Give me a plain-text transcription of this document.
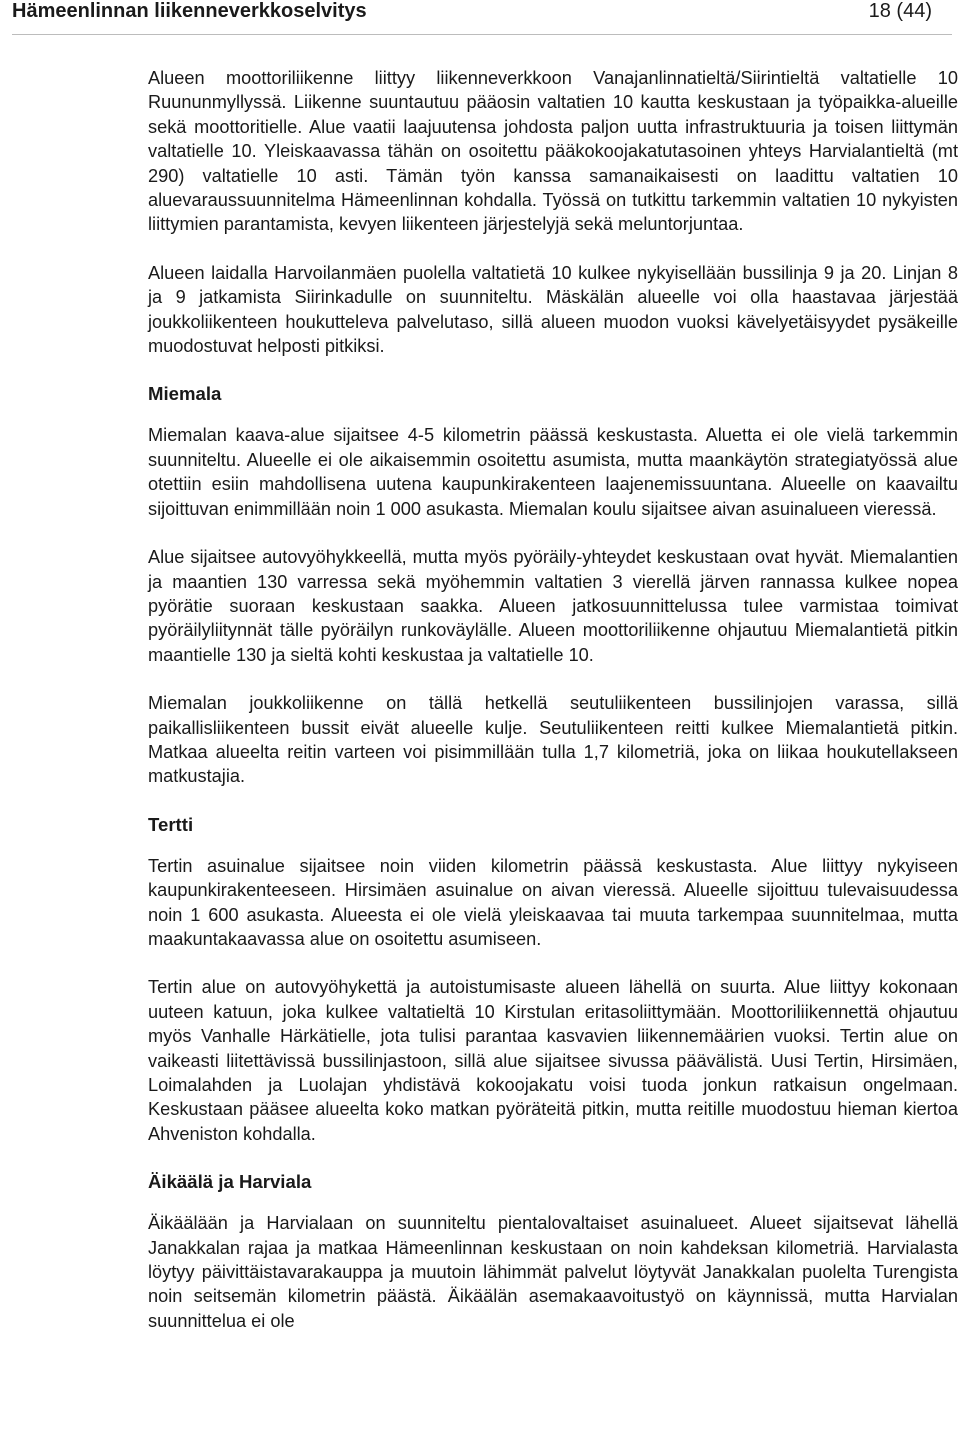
Hämeenlinnan liikenneverkkoselvitys	18 (44)

Alueen moottoriliikenne liittyy liikenneverkkoon Vanajanlinnatieltä/Siirintieltä valtatielle 10 Ruununmyllyssä. Liikenne suuntautuu pääosin valtatien 10 kautta keskustaan ja työpaikka-alueille sekä moottoritielle. Alue vaatii laajuutensa johdosta paljon uutta infrastruktuuria ja toisen liittymän valtatielle 10. Yleiskaavassa tähän on osoitettu pääkokoojakatutasoinen yhteys Harvialantieltä (mt 290) valtatielle 10 asti. Tämän työn kanssa samanaikaisesti on laadittu valtatien 10 aluevaraussuunnitelma Hämeenlinnan kohdalla. Työssä on tutkittu tarkemmin valtatien 10 nykyisten liittymien parantamista, kevyen liikenteen järjestelyjä sekä meluntorjuntaa.

Alueen laidalla Harvoilanmäen puolella valtatietä 10 kulkee nykyisellään bussilinja 9 ja 20. Linjan 8 ja 9 jatkamista Siirinkadulle on suunniteltu. Mäskälän alueelle voi olla haastavaa järjestää joukkoliikenteen houkutteleva palvelutaso, sillä alueen muodon vuoksi kävelyetäisyydet pysäkeille muodostuvat helposti pitkiksi.

Miemala

Miemalan kaava-alue sijaitsee 4-5 kilometrin päässä keskustasta. Aluetta ei ole vielä tarkemmin suunniteltu. Alueelle ei ole aikaisemmin osoitettu asumista, mutta maankäytön strategiatyössä alue otettiin esiin mahdollisena uutena kaupunkirakenteen laajenemissuuntana. Alueelle on kaavailtu sijoittuvan enimmillään noin 1 000 asukasta. Miemalan koulu sijaitsee aivan asuinalueen vieressä.

Alue sijaitsee autovyöhykkeellä, mutta myös pyöräily-yhteydet keskustaan ovat hyvät. Miemalantien ja maantien 130 varressa sekä myöhemmin valtatien 3 vierellä järven rannassa kulkee nopea pyörätie suoraan keskustaan saakka. Alueen jatkosuunnittelussa tulee varmistaa toimivat pyöräilyliitynnät tälle pyöräilyn runkoväylälle. Alueen moottoriliikenne ohjautuu Miemalantietä pitkin maantielle 130 ja sieltä kohti keskustaa ja valtatielle 10.

Miemalan joukkoliikenne on tällä hetkellä seutuliikenteen bussilinjojen varassa, sillä paikallisliikenteen bussit eivät alueelle kulje. Seutuliikenteen reitti kulkee Miemalantietä pitkin. Matkaa alueelta reitin varteen voi pisimmillään tulla 1,7 kilometriä, joka on liikaa houkutellakseen matkustajia.

Tertti

Tertin asuinalue sijaitsee noin viiden kilometrin päässä keskustasta. Alue liittyy nykyiseen kaupunkirakenteeseen. Hirsimäen asuinalue on aivan vieressä. Alueelle sijoittuu tulevaisuudessa noin 1 600 asukasta. Alueesta ei ole vielä yleiskaavaa tai muuta tarkempaa suunnitelmaa, mutta maakuntakaavassa alue on osoitettu asumiseen.

Tertin alue on autovyöhykettä ja autoistumisaste alueen lähellä on suurta. Alue liittyy kokonaan uuteen katuun, joka kulkee valtatieltä 10 Kirstulan eritasoliittymään. Moottoriliikennettä ohjautuu myös Vanhalle Härkätielle, jota tulisi parantaa kasvavien liikennemäärien vuoksi. Tertin alue on vaikeasti liitettävissä bussilinjastoon, sillä alue sijaitsee sivussa päävälistä. Uusi Tertin, Hirsimäen, Loimalahden ja Luolajan yhdistävä kokoojakatu voisi tuoda jonkun ratkaisun ongelmaan. Keskustaan pääsee alueelta koko matkan pyöräteitä pitkin, mutta reitille muodostuu hieman kiertoa Ahveniston kohdalla.

Äikäälä ja Harviala

Äikäälään ja Harvialaan on suunniteltu pientalovaltaiset asuinalueet. Alueet sijaitsevat lähellä Janakkalan rajaa ja matkaa Hämeenlinnan keskustaan on noin kahdeksan kilometriä. Harvialasta löytyy päivittäistavarakauppa ja muutoin lähimmät palvelut löytyvät Janakkalan puolelta Turengista noin seitsemän kilometrin päästä. Äikäälän asemakaavoitustyö on käynnissä, mutta Harvialan suunnittelua ei ole
